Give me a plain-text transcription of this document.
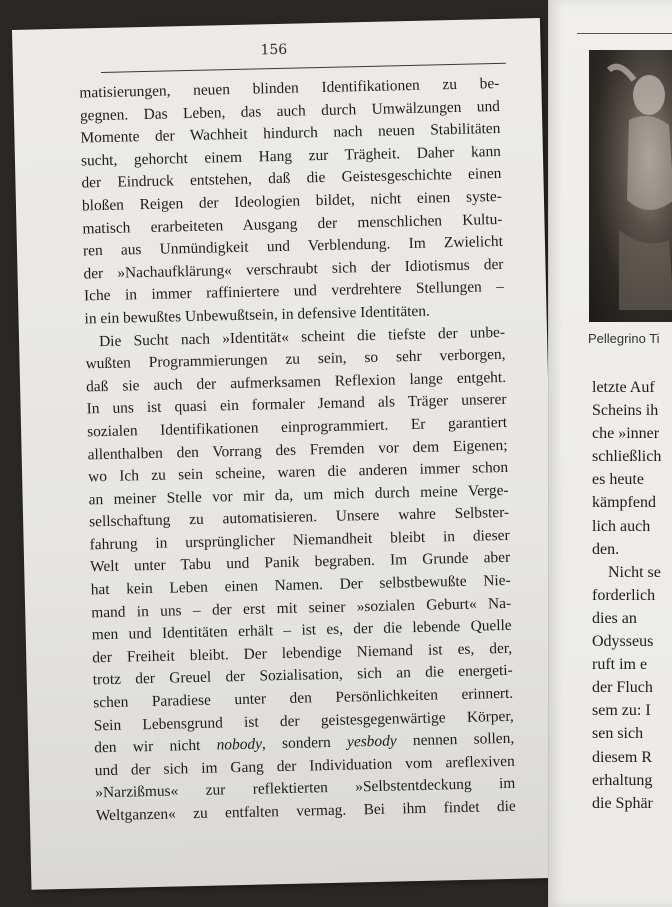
156
matisierungen, neuen blinden Identifikationen zu be-
gegnen. Das Leben, das auch durch Umwälzungen und
Momente der Wachheit hindurch nach neuen Stabilitäten
sucht, gehorcht einem Hang zur Trägheit. Daher kann
der Eindruck entstehen, daß die Geistesgeschichte einen
bloßen Reigen der Ideologien bildet, nicht einen syste-
matisch erarbeiteten Ausgang der menschlichen Kultu-
ren aus Unmündigkeit und Verblendung. Im Zwielicht
der »Nachaufklärung« verschraubt sich der Idiotismus der
Iche in immer raffiniertere und verdrehtere Stellungen –
in ein bewußtes Unbewußtsein, in defensive Identitäten.
Die Sucht nach »Identität« scheint die tiefste der unbe-
wußten Programmierungen zu sein, so sehr verborgen,
daß sie auch der aufmerksamen Reflexion lange entgeht.
In uns ist quasi ein formaler Jemand als Träger unserer
sozialen Identifikationen einprogrammiert. Er garantiert
allenthalben den Vorrang des Fremden vor dem Eigenen;
wo Ich zu sein scheine, waren die anderen immer schon
an meiner Stelle vor mir da, um mich durch meine Verge-
sellschaftung zu automatisieren. Unsere wahre Selbster-
fahrung in ursprünglicher Niemandheit bleibt in dieser
Welt unter Tabu und Panik begraben. Im Grunde aber
hat kein Leben einen Namen. Der selbstbewußte Nie-
mand in uns – der erst mit seiner »sozialen Geburt« Na-
men und Identitäten erhält – ist es, der die lebende Quelle
der Freiheit bleibt. Der lebendige Niemand ist es, der,
trotz der Greuel der Sozialisation, sich an die energeti-
schen Paradiese unter den Persönlichkeiten erinnert.
Sein Lebensgrund ist der geistesgegenwärtige Körper,
den wir nicht nobody, sondern yesbody nennen sollen,
und der sich im Gang der Individuation vom areflexiven
»Narzißmus« zur reflektierten »Selbstentdeckung im
Weltganzen« zu entfalten vermag. Bei ihm findet die
Pellegrino Ti
letzte Auf
Scheins ih
che »inner
schließlich
es heute
kämpfend
lich auch
den.
Nicht se
forderlich
dies an
Odysseus
ruft im e
der Fluch
sem zu: I
sen sich
diesem R
erhaltung
die Sphär
